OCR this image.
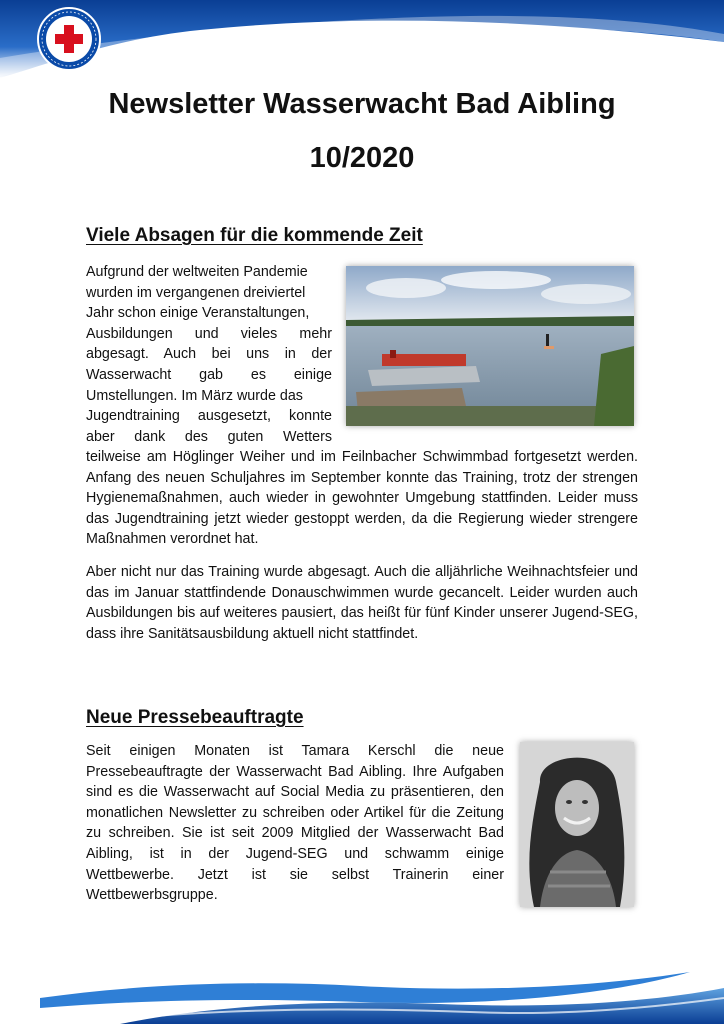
Newsletter Wasserwacht Bad Aibling
10/2020
Viele Absagen für die kommende Zeit

Aufgrund der weltweiten Pandemie

wurden im vergangenen dreiviertel

Jahr schon einige Veranstaltungen,

Ausbildungen und vieles mehr

abgesagt. Auch bei uns in der

Wasserwacht gab es einige

Umstellungen. Im März wurde das

Jugendtraining ausgesetzt, konnte

aber dank des guten Wetters

teilweise am Höglinger Weiher und im Feilnbacher Schwimmbad fortgesetzt werden. Anfang des neuen Schuljahres im September konnte das Training, trotz der strengen Hygienemaßnahmen, auch wieder in gewohnter Umgebung stattfinden. Leider muss das Jugendtraining jetzt wieder gestoppt werden, da die Regierung wieder strengere Maßnahmen verordnet hat.

Aber nicht nur das Training wurde abgesagt. Auch die alljährliche Weihnachtsfeier und das im Januar stattfindende Donauschwimmen wurde gecancelt. Leider wurden auch Ausbildungen bis auf weiteres pausiert, das heißt für fünf Kinder unserer Jugend-SEG, dass ihre Sanitätsausbildung aktuell nicht stattfindet.

Neue Pressebeauftragte

Seit einigen Monaten ist Tamara Kerschl die neue Pressebeauftragte der Wasserwacht Bad Aibling. Ihre Aufgaben sind es die Wasserwacht auf Social Media zu präsentieren, den monatlichen Newsletter zu schreiben oder Artikel für die Zeitung zu schreiben. Sie ist seit 2009 Mitglied der Wasserwacht Bad Aibling, ist in der Jugend-SEG und schwamm einige Wettbewerbe. Jetzt ist sie selbst Trainerin einer Wettbewerbsgruppe.
